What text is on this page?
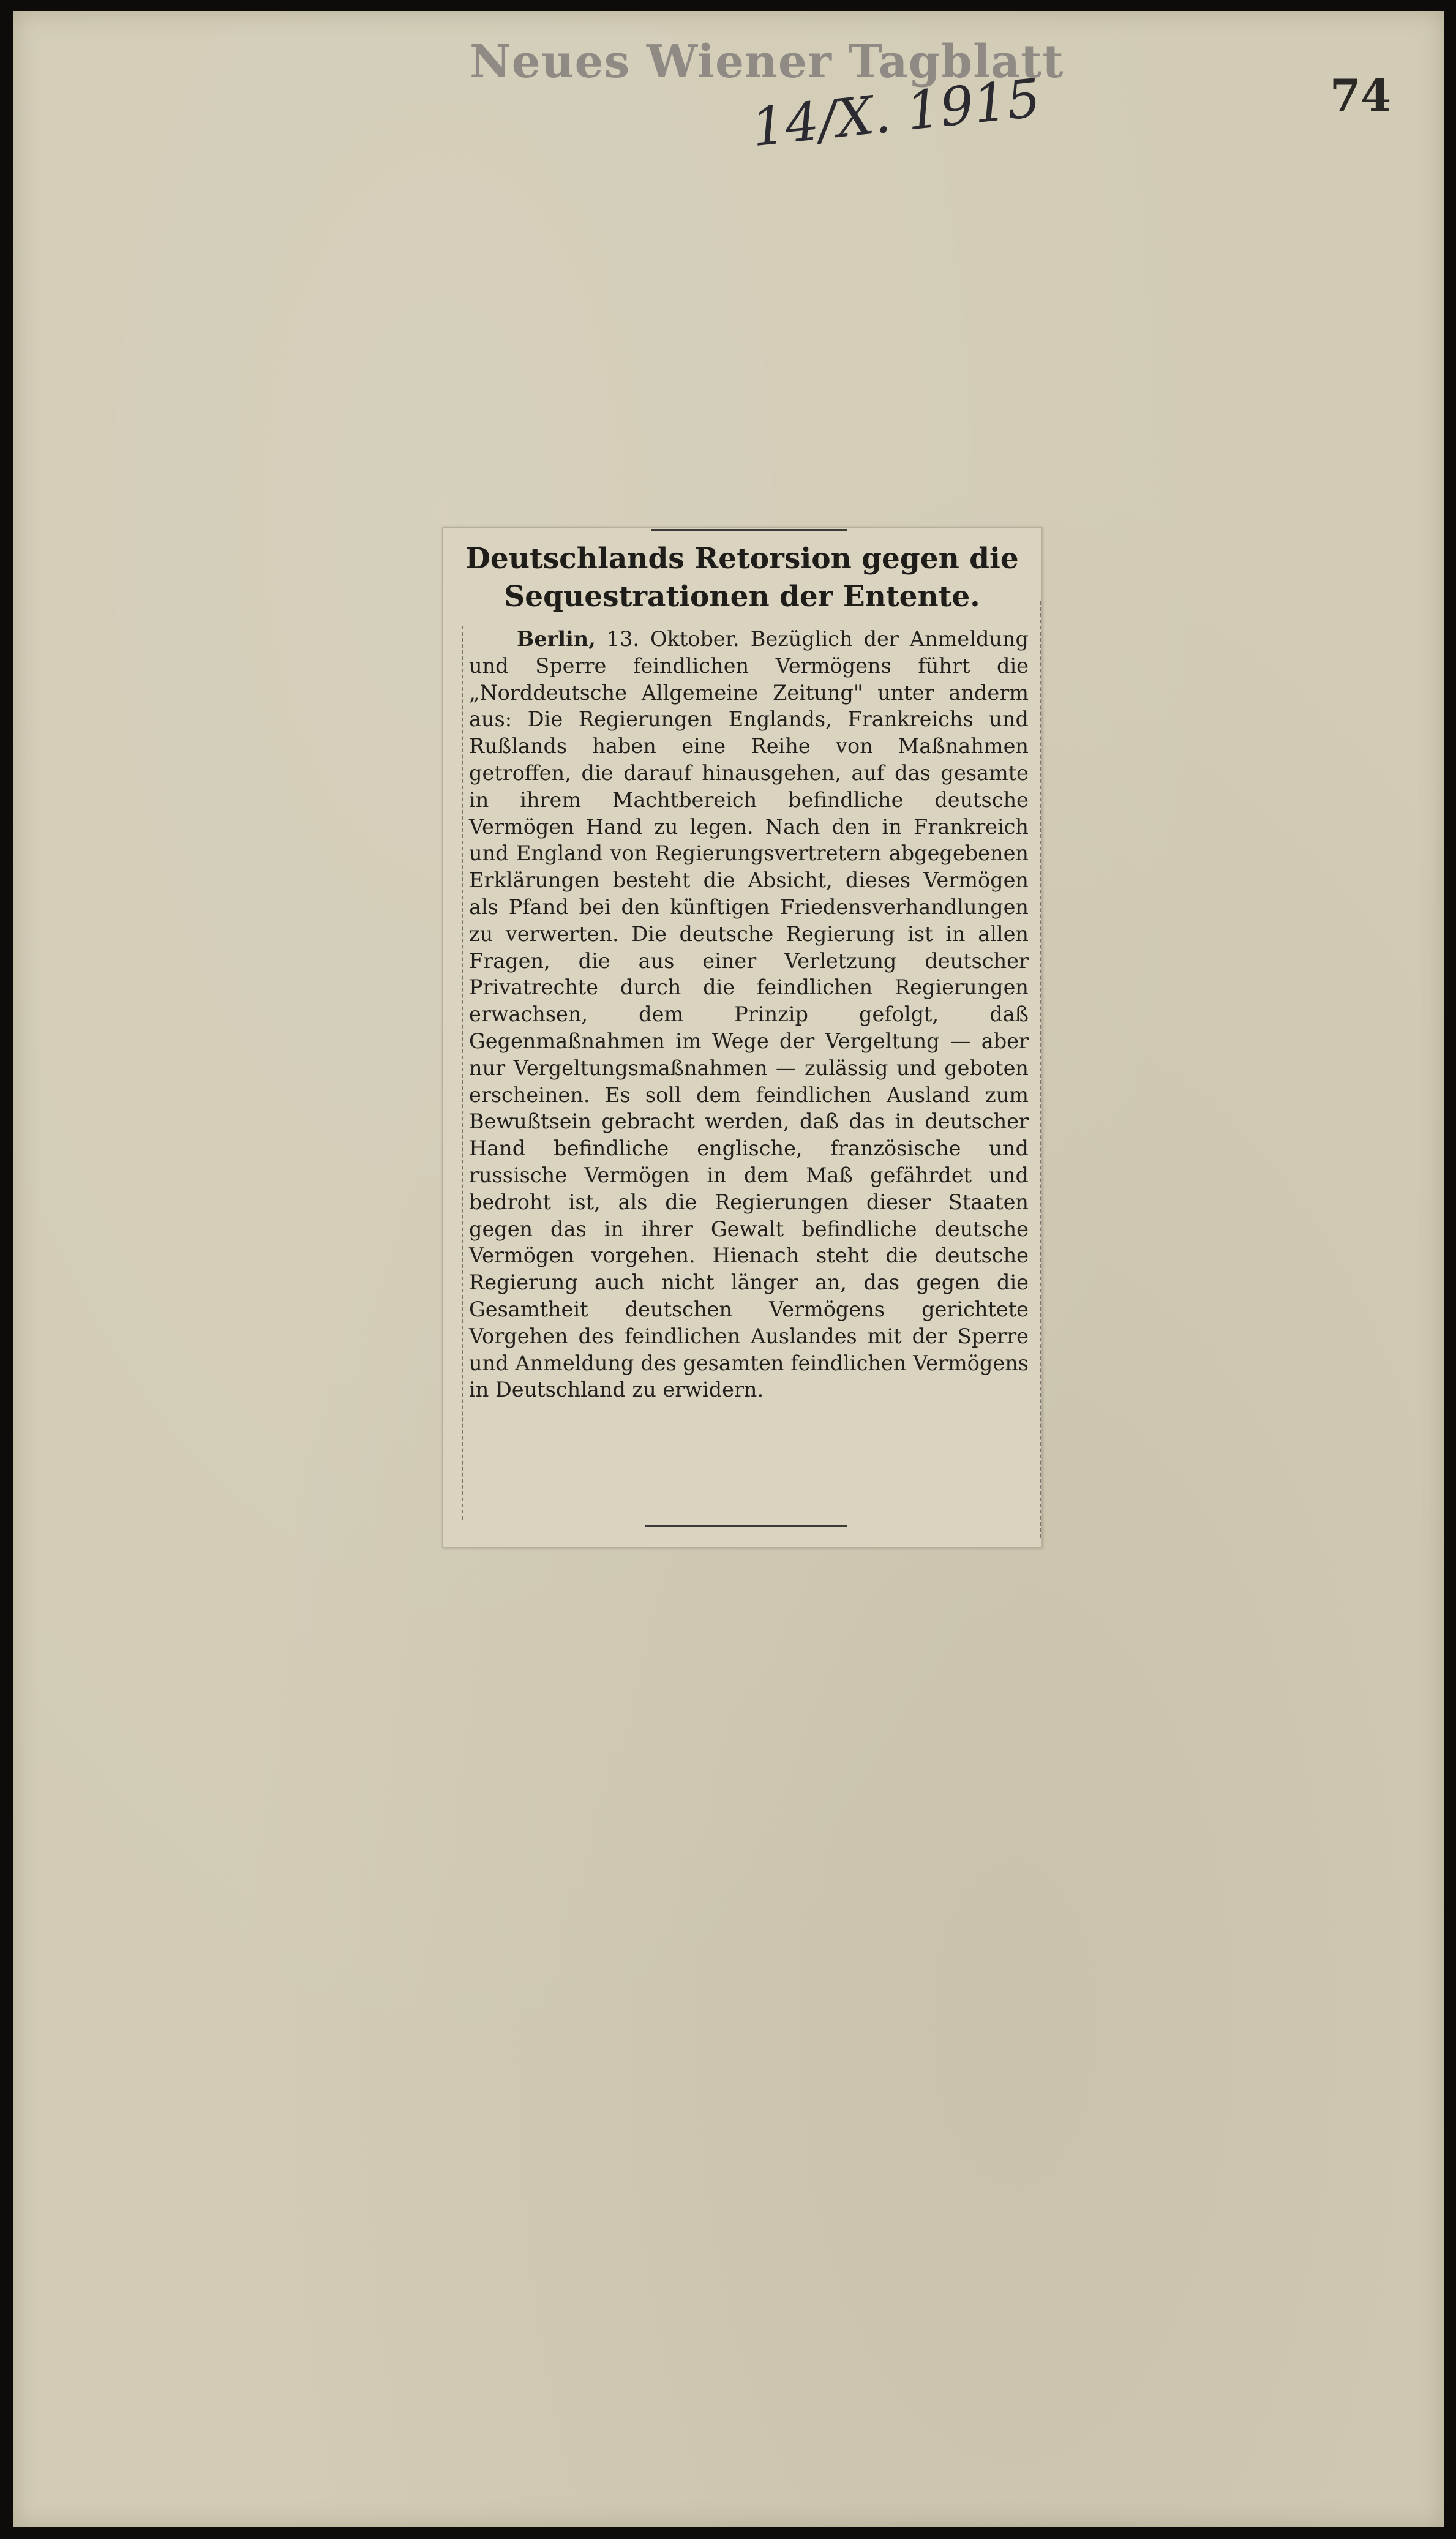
Neues Wiener Tagblatt
14/X. 1915	74
Deutschlands Retorsion gegen die
Sequestrationen der Entente.

Berlin, 13. Oktober. Bezüglich der Anmeldung und Sperre feindlichen Vermögens führt die „Norddeutsche Allgemeine Zeitung" unter anderm aus: Die Regierungen Englands, Frankreichs und Rußlands haben eine Reihe von Maßnahmen getroffen, die darauf hinausgehen, auf das gesamte in ihrem Machtbereich befindliche deutsche Vermögen Hand zu legen. Nach den in Frankreich und England von Regierungsvertretern abgegebenen Erklärungen besteht die Absicht, dieses Vermögen als Pfand bei den künftigen Friedensverhandlungen zu verwerten. Die deutsche Regierung ist in allen Fragen, die aus einer Verletzung deutscher Privatrechte durch die feindlichen Regierungen erwachsen, dem Prinzip gefolgt, daß Gegenmaßnahmen im Wege der Vergeltung — aber nur Vergeltungsmaßnahmen — zulässig und geboten erscheinen. Es soll dem feindlichen Ausland zum Bewußtsein gebracht werden, daß das in deutscher Hand befindliche englische, französische und russische Vermögen in dem Maß gefährdet und bedroht ist, als die Regierungen dieser Staaten gegen das in ihrer Gewalt befindliche deutsche Vermögen vorgehen. Hienach steht die deutsche Regierung auch nicht länger an, das gegen die Gesamtheit deutschen Vermögens gerichtete Vorgehen des feindlichen Auslandes mit der Sperre und Anmeldung des gesamten feindlichen Vermögens in Deutschland zu erwidern.
